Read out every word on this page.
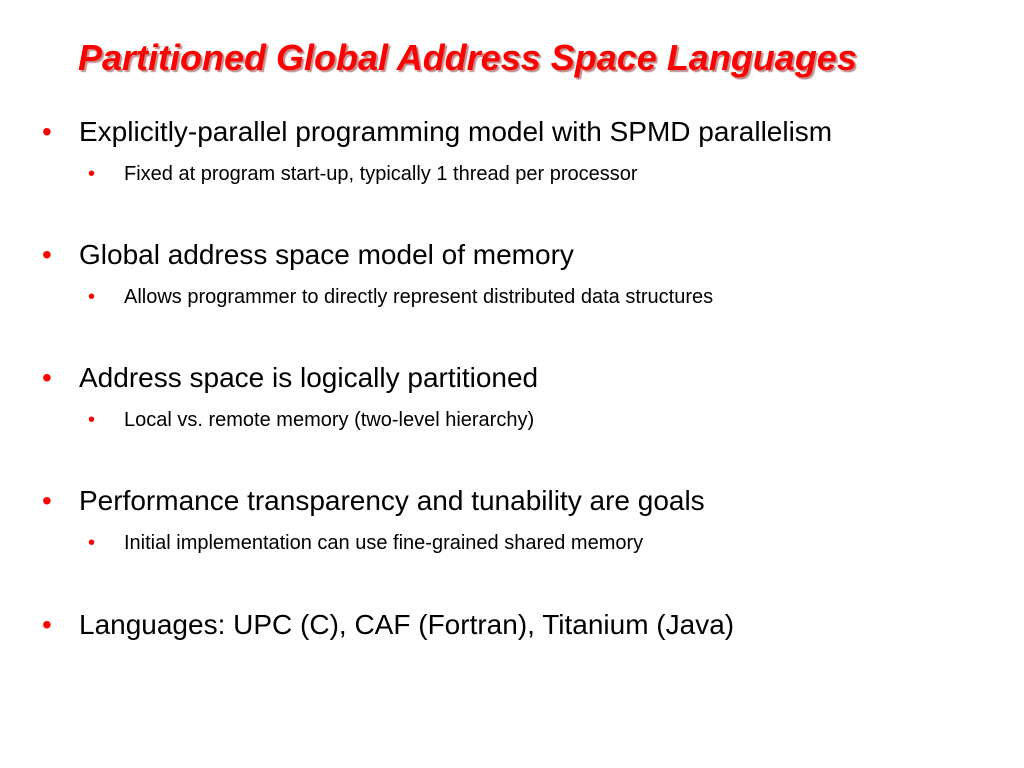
Partitioned Global Address Space Languages
• Explicitly-parallel programming model with SPMD parallelism
• Fixed at program start-up, typically 1 thread per processor
• Global address space model of memory
• Allows programmer to directly represent distributed data structures
• Address space is logically partitioned
• Local vs. remote memory (two-level hierarchy)
• Performance transparency and tunability are goals
• Initial implementation can use fine-grained shared memory
• Languages: UPC (C), CAF (Fortran), Titanium (Java)
